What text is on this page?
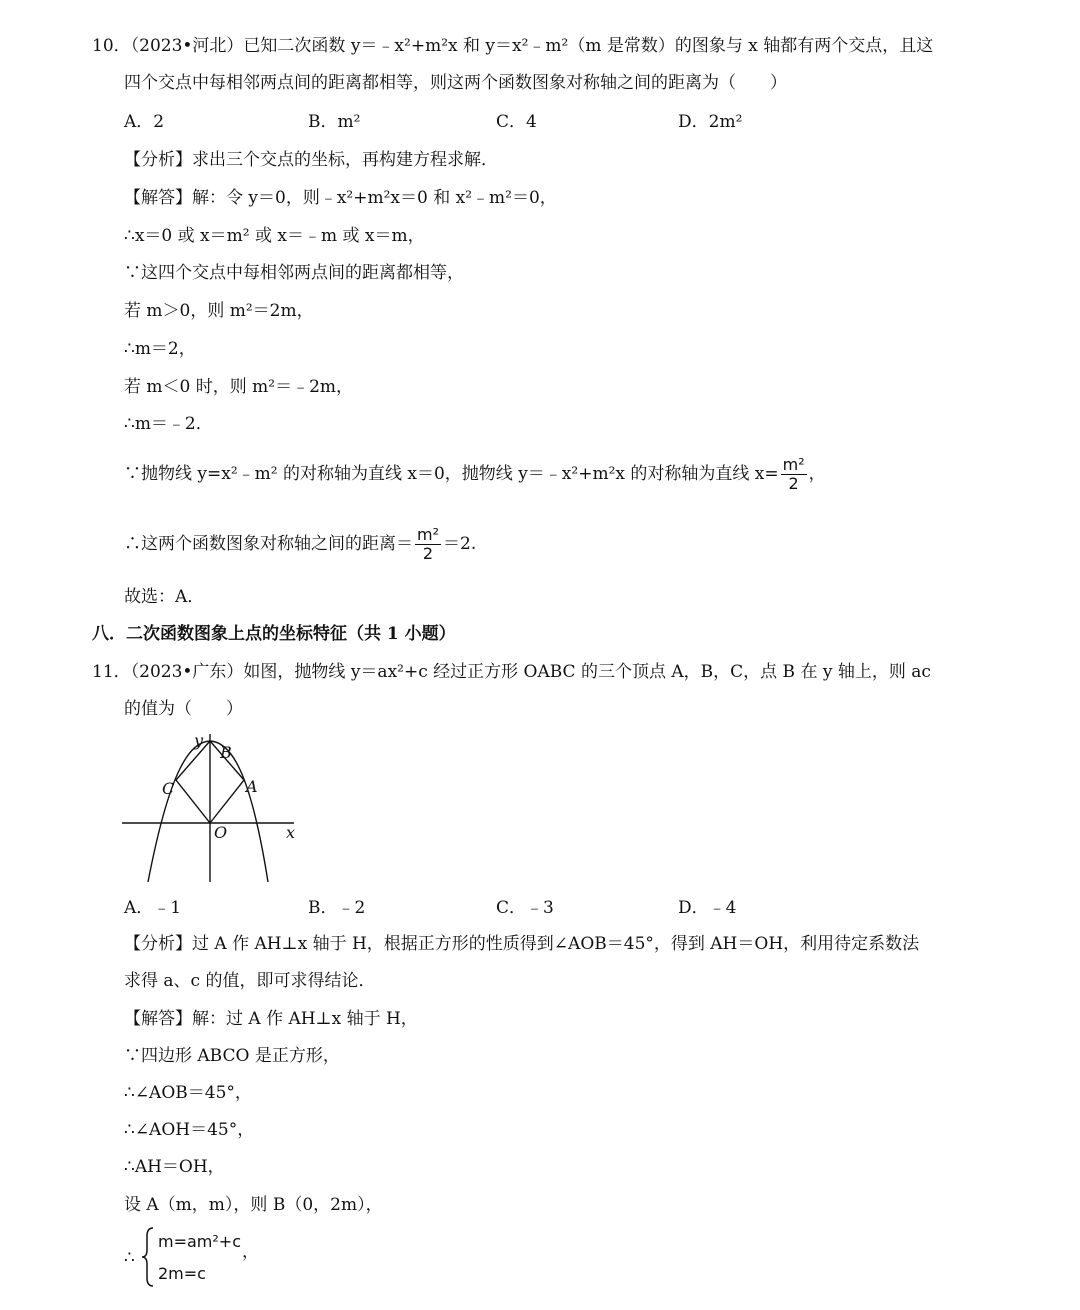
10．（2023•河北）已知二次函数 y＝﹣x²+m²x 和 y＝x²﹣m²（m 是常数）的图象与 x 轴都有两个交点，且这
四个交点中每相邻两点间的距离都相等，则这两个函数图象对称轴之间的距离为（　　）
A．2	B．m²	C．4	D．2m²
【分析】求出三个交点的坐标，再构建方程求解．
【解答】解：令 y＝0，则﹣x²+m²x＝0 和 x²﹣m²＝0，
∴x＝0 或 x＝m² 或 x＝﹣m 或 x＝m，
∵这四个交点中每相邻两点间的距离都相等，
若 m＞0，则 m²＝2m，
∴m＝2，
若 m＜0 时，则 m²＝﹣2m，
∴m＝﹣2．
∵抛物线 y=x²﹣m² 的对称轴为直线 x＝0，抛物线 y＝﹣x²+m²x 的对称轴为直线 $x= \frac{\text{m²}}{2}$ ，
∴这两个函数图象对称轴之间的距离＝ $\frac{\text{m²}}{2} =2$.
故选：A．
八．二次函数图象上点的坐标特征（共 1 小题）
11．（2023•广东）如图，抛物线 y＝ax²+c 经过正方形 OABC 的三个顶点 A，B，C，点 B 在 y 轴上，则 ac
的值为（　　）
y
B
C	A
O	x
A．﹣1	B．﹣2	C．﹣3	D．﹣4
【分析】过 A 作 AH⊥x 轴于 H，根据正方形的性质得到∠AOB＝45°，得到 AH＝OH，利用待定系数法
求得 a、c 的值，即可求得结论．
【解答】解：过 A 作 AH⊥x 轴于 H，
∵四边形 ABCO 是正方形，
∴∠AOB＝45°，
∴∠AOH＝45°，
∴AH＝OH，
设 A（m，m），则 B（0，2m），
∴
m=am²+c
，
2m=c
